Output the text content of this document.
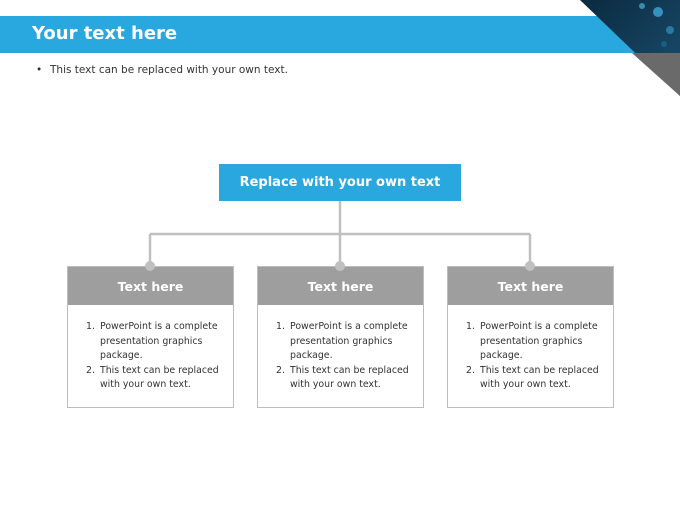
Your text here
• This text can be replaced with your own text.
Replace with your own text
Text here
1. PowerPoint is a complete presentation graphics package.
2. This text can be replaced with your own text.
Text here
1. PowerPoint is a complete presentation graphics package.
2. This text can be replaced with your own text.
Text here
1. PowerPoint is a complete presentation graphics package.
2. This text can be replaced with your own text.
